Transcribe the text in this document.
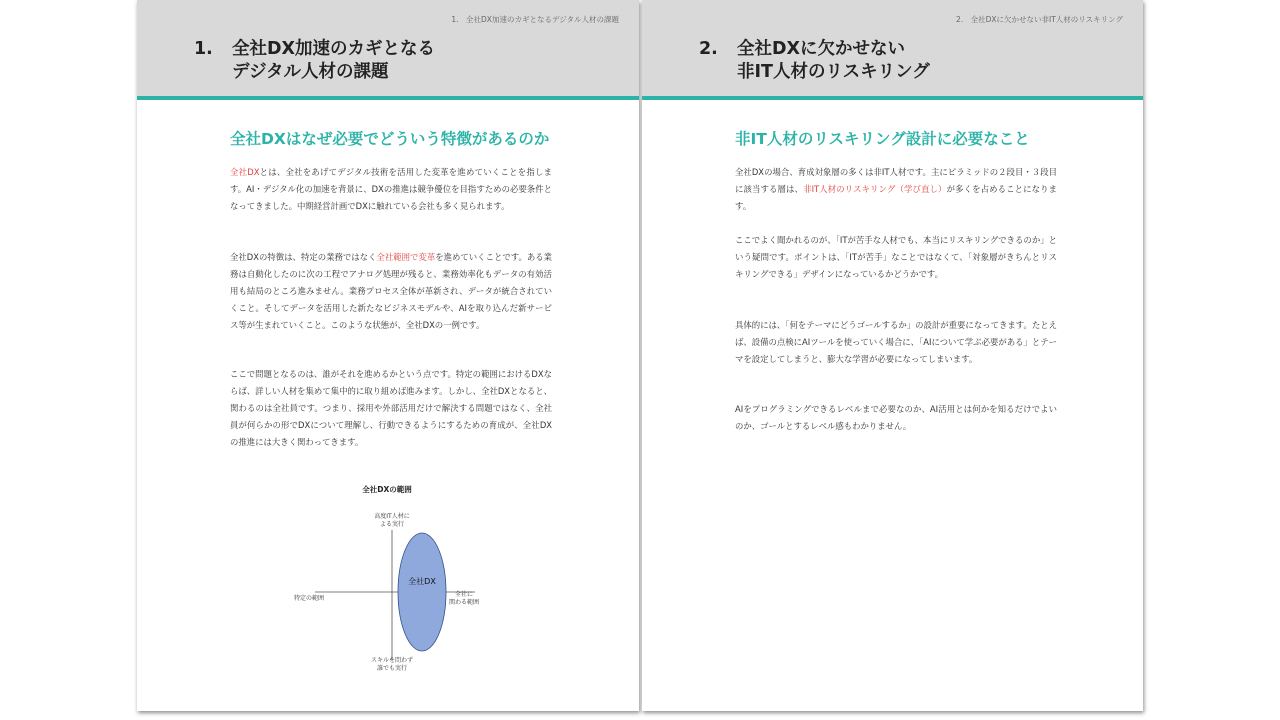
1.　全社DX加速のカギとなるデジタル人材の課題
1. 全社DX加速のカギとなる
デジタル人材の課題
全社DXはなぜ必要でどういう特徴があるのか

全社DXとは、全社をあげてデジタル技術を活用した変革を進めていくことを指します。AI・デジタル化の加速を背景に、DXの推進は競争優位を目指すための必要条件となってきました。中期経営計画でDXに触れている会社も多く見られます。

全社DXの特徴は、特定の業務ではなく全社範囲で変革を進めていくことです。ある業務は自動化したのに次の工程でアナログ処理が残ると、業務効率化もデータの有効活用も結局のところ進みません。業務プロセス全体が革新され、データが統合されていくこと。そしてデータを活用した新たなビジネスモデルや、AIを取り込んだ新サービス等が生まれていくこと。このような状態が、全社DXの一例です。

ここで問題となるのは、誰がそれを進めるかという点です。特定の範囲におけるDXならば、詳しい人材を集めて集中的に取り組めば進みます。しかし、全社DXとなると、関わるのは全社員です。つまり、採用や外部活用だけで解決する問題ではなく、全社員が何らかの形でDXについて理解し、行動できるようにするための育成が、全社DXの推進には大きく関わってきます。

全社DXの範囲
全社DX
高度IT人材に
よる実行
特定の範囲
全社に
関わる範囲
スキルを問わず
誰でも実行
2.　全社DXに欠かせない非IT人材のリスキリング
2. 全社DXに欠かせない
非IT人材のリスキリング
非IT人材のリスキリング設計に必要なこと

全社DXの場合、育成対象層の多くは非IT人材です。主にピラミッドの２段目・３段目に該当する層は、非IT人材のリスキリング（学び直し）が多くを占めることになります。

ここでよく聞かれるのが、「ITが苦手な人材でも、本当にリスキリングできるのか」という疑問です。ポイントは、「ITが苦手」なことではなくて、「対象層がきちんとリスキリングできる」デザインになっているかどうかです。

具体的には、「何をテーマにどうゴールするか」の設計が重要になってきます。たとえば、設備の点検にAIツールを使っていく場合に、「AIについて学ぶ必要がある」とテーマを設定してしまうと、膨大な学習が必要になってしまいます。

AIをプログラミングできるレベルまで必要なのか、AI活用とは何かを知るだけでよいのか、ゴールとするレベル感もわかりません。
